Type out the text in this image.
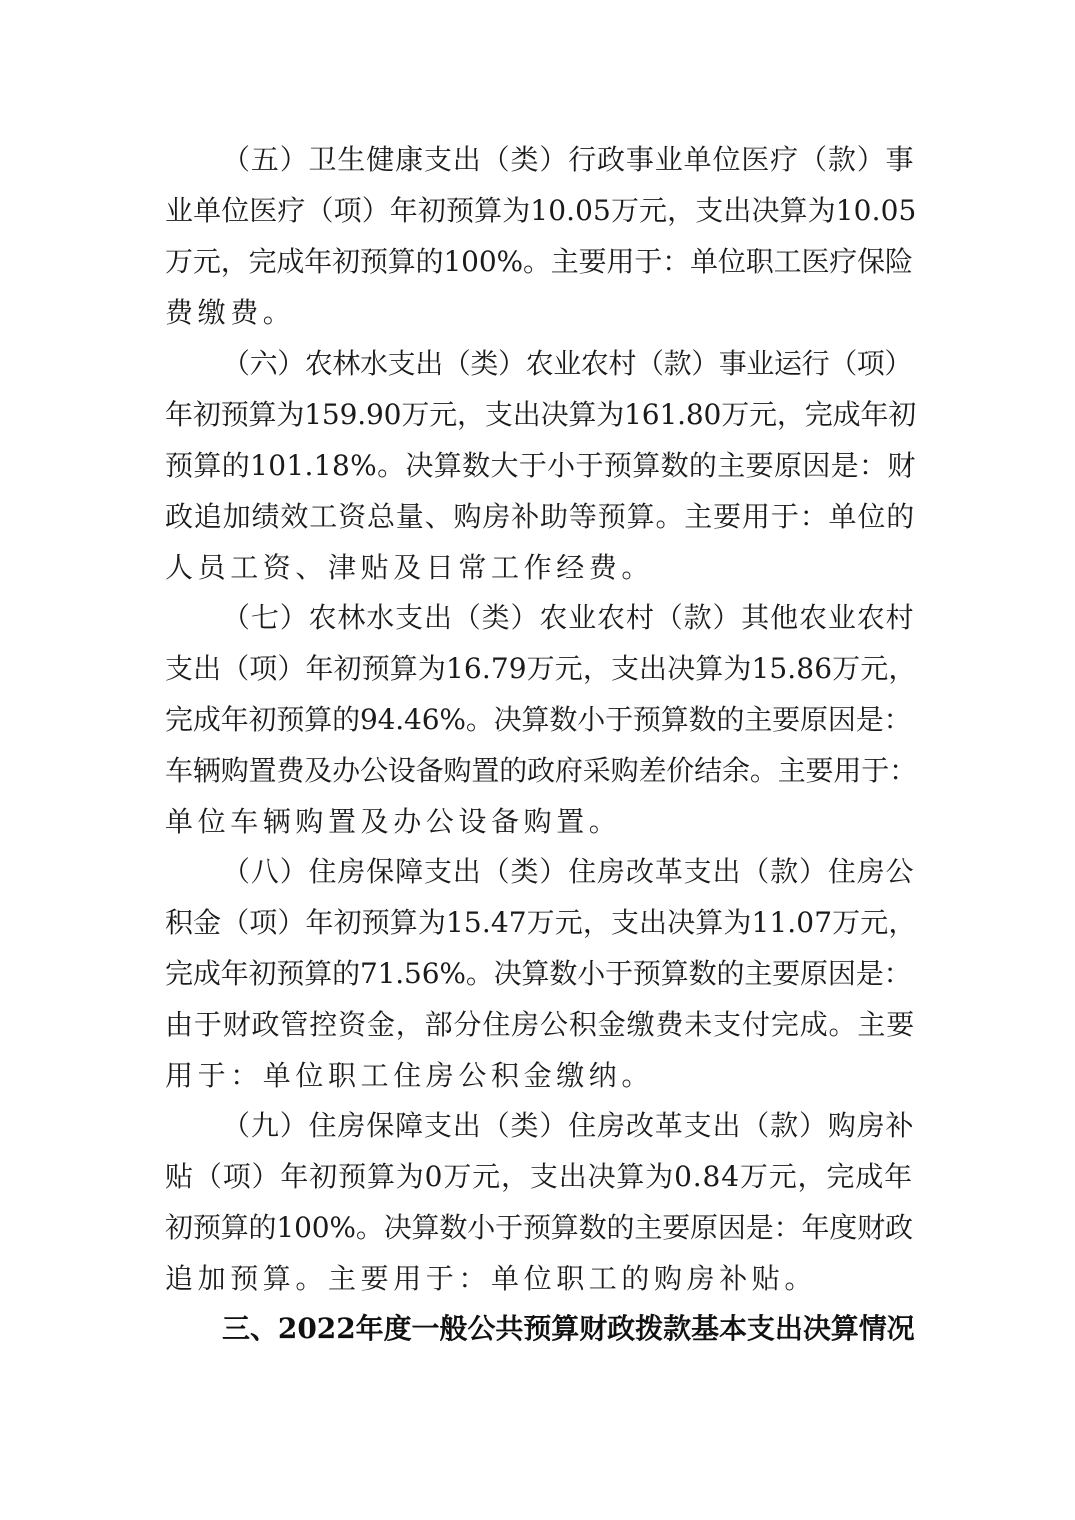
（五）卫生健康支出（类）行政事业单位医疗（款）事
业单位医疗（项）年初预算为10.05万元，支出决算为10.05
万元，完成年初预算的100%。主要用于：单位职工医疗保险
费缴费。
（六）农林水支出（类）农业农村（款）事业运行（项）
年初预算为159.90万元，支出决算为161.80万元，完成年初
预算的101.18%。决算数大于小于预算数的主要原因是：财
政追加绩效工资总量、购房补助等预算。主要用于：单位的
人员工资、津贴及日常工作经费。
（七）农林水支出（类）农业农村（款）其他农业农村
支出（项）年初预算为16.79万元，支出决算为15.86万元，
完成年初预算的94.46%。决算数小于预算数的主要原因是：
车辆购置费及办公设备购置的政府采购差价结余。主要用于：
单位车辆购置及办公设备购置。
（八）住房保障支出（类）住房改革支出（款）住房公
积金（项）年初预算为15.47万元，支出决算为11.07万元，
完成年初预算的71.56%。决算数小于预算数的主要原因是：
由于财政管控资金，部分住房公积金缴费未支付完成。主要
用于：单位职工住房公积金缴纳。
（九）住房保障支出（类）住房改革支出（款）购房补
贴（项）年初预算为0万元，支出决算为0.84万元，完成年
初预算的100%。决算数小于预算数的主要原因是：年度财政
追加预算。主要用于：单位职工的购房补贴。
三、2022年度一般公共预算财政拨款基本支出决算情况
